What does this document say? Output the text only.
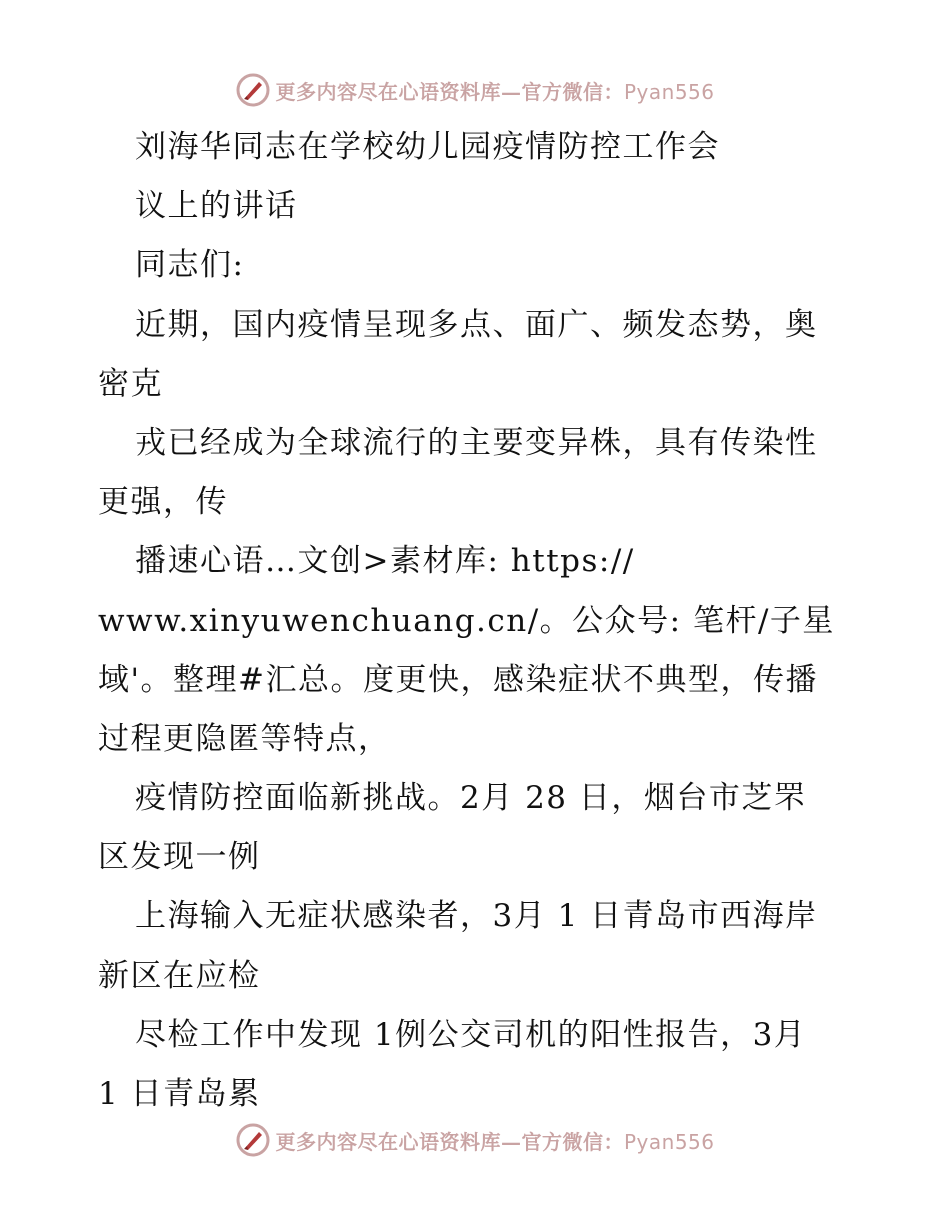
更多内容尽在心语资料库—官方微信：Pyan556
刘海华同志在学校幼儿园疫情防控工作会
议上的讲话
同志们:
近期，国内疫情呈现多点、面广、频发态势，奥
密克
戎已经成为全球流行的主要变异株，具有传染性
更强，传
播速心语…文创>素材库: https://
www.xinyuwenchuang.cn/。公众号: 笔杆/子星
域'。整理#汇总。度更快，感染症状不典型，传播
过程更隐匿等特点，
疫情防控面临新挑战。2月 28 日，烟台市芝罘
区发现一例
上海输入无症状感染者，3月 1 日青岛市西海岸
新区在应检
尽检工作中发现 1例公交司机的阳性报告，3月
1 日青岛累
更多内容尽在心语资料库—官方微信：Pyan556
